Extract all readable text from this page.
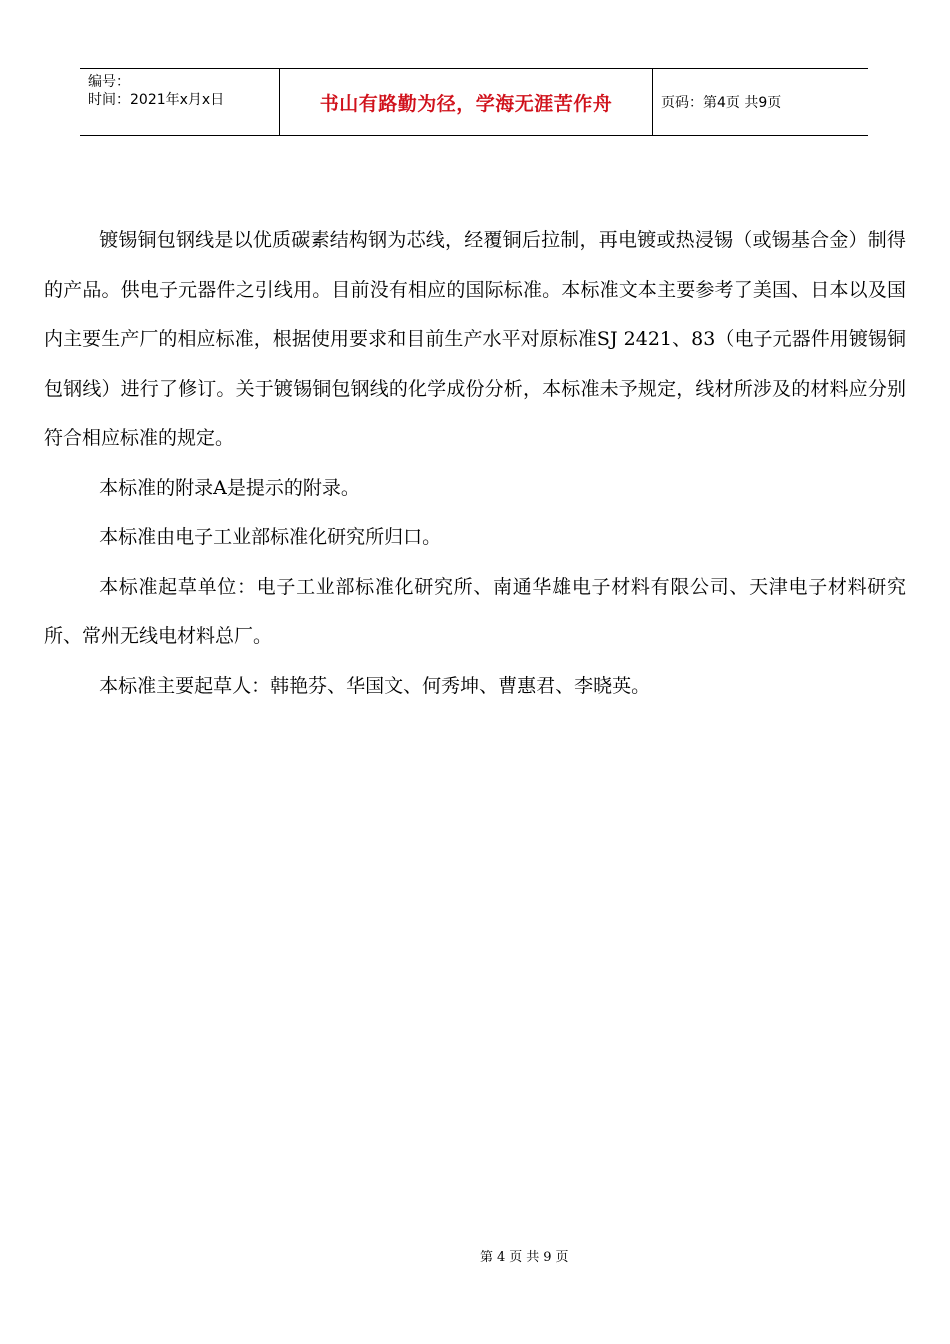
编号：
时间：2021年x月x日	书山有路勤为径，学海无涯苦作舟	页码：第4页 共9页

镀锡铜包钢线是以优质碳素结构钢为芯线，经覆铜后拉制，再电镀或热浸锡（或锡基合金）制得的产品。供电子元器件之引线用。目前没有相应的国际标准。本标准文本主要参考了美国、日本以及国内主要生产厂的相应标准，根据使用要求和目前生产水平对原标准SJ 2421、83（电子元器件用镀锡铜包钢线）进行了修订。关于镀锡铜包钢线的化学成份分析，本标准未予规定，线材所涉及的材料应分别符合相应标准的规定。

本标准的附录A是提示的附录。

本标准由电子工业部标准化研究所归口。

本标准起草单位：电子工业部标准化研究所、南通华雄电子材料有限公司、天津电子材料研究所、常州无线电材料总厂。

本标准主要起草人：韩艳芬、华国文、何秀坤、曹惠君、李晓英。

第4页共9页
